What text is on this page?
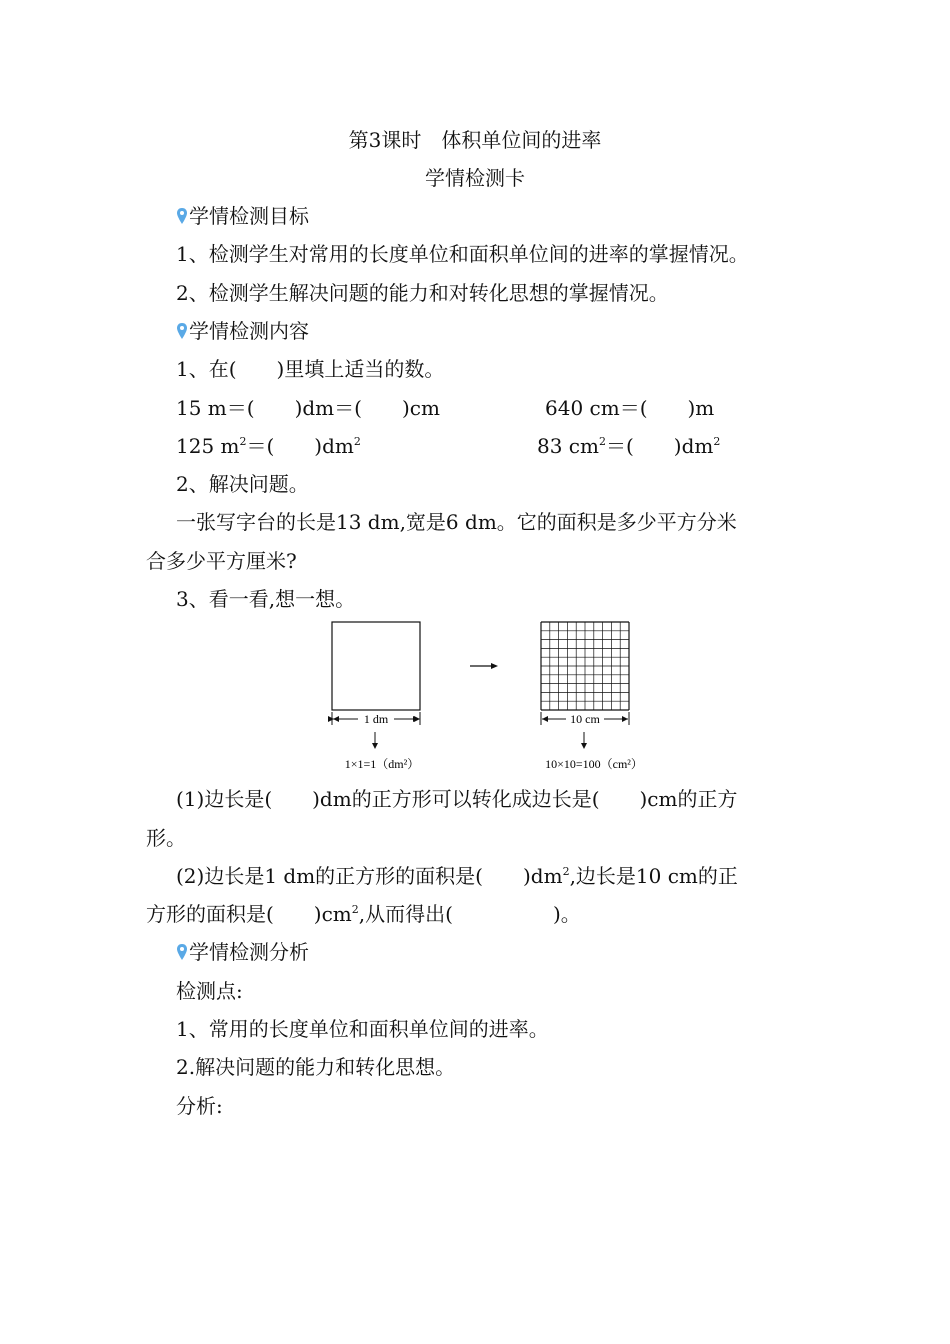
第3课时　体积单位间的进率
学情检测卡
学情检测目标
1、检测学生对常用的长度单位和面积单位间的进率的掌握情况。
2、检测学生解决问题的能力和对转化思想的掌握情况。
学情检测内容
1、在(　　)里填上适当的数。
15 m＝(　　)dm＝(　　)cm	640 cm＝(　　)m
125 $m^2=$(　　)$dm^2$	83 $cm^2=$(　　)$dm^2$
2、解决问题。
一张写字台的长是13 dm,宽是6 dm。它的面积是多少平方分米
合多少平方厘米?
3、看一看,想一想。
1 dm
1×1=1（dm²）
10 cm
10×10=100（cm²）
(1)边长是(　　)dm的正方形可以转化成边长是(　　)cm的正方
形。
(2)边长是1 dm的正方形的面积是(　　)$dm^2$,边长是10 cm的正
方形的面积是(　　)$cm^2$,从而得出(　　　　　)。
学情检测分析
检测点:
1、常用的长度单位和面积单位间的进率。
2.解决问题的能力和转化思想。
分析:
